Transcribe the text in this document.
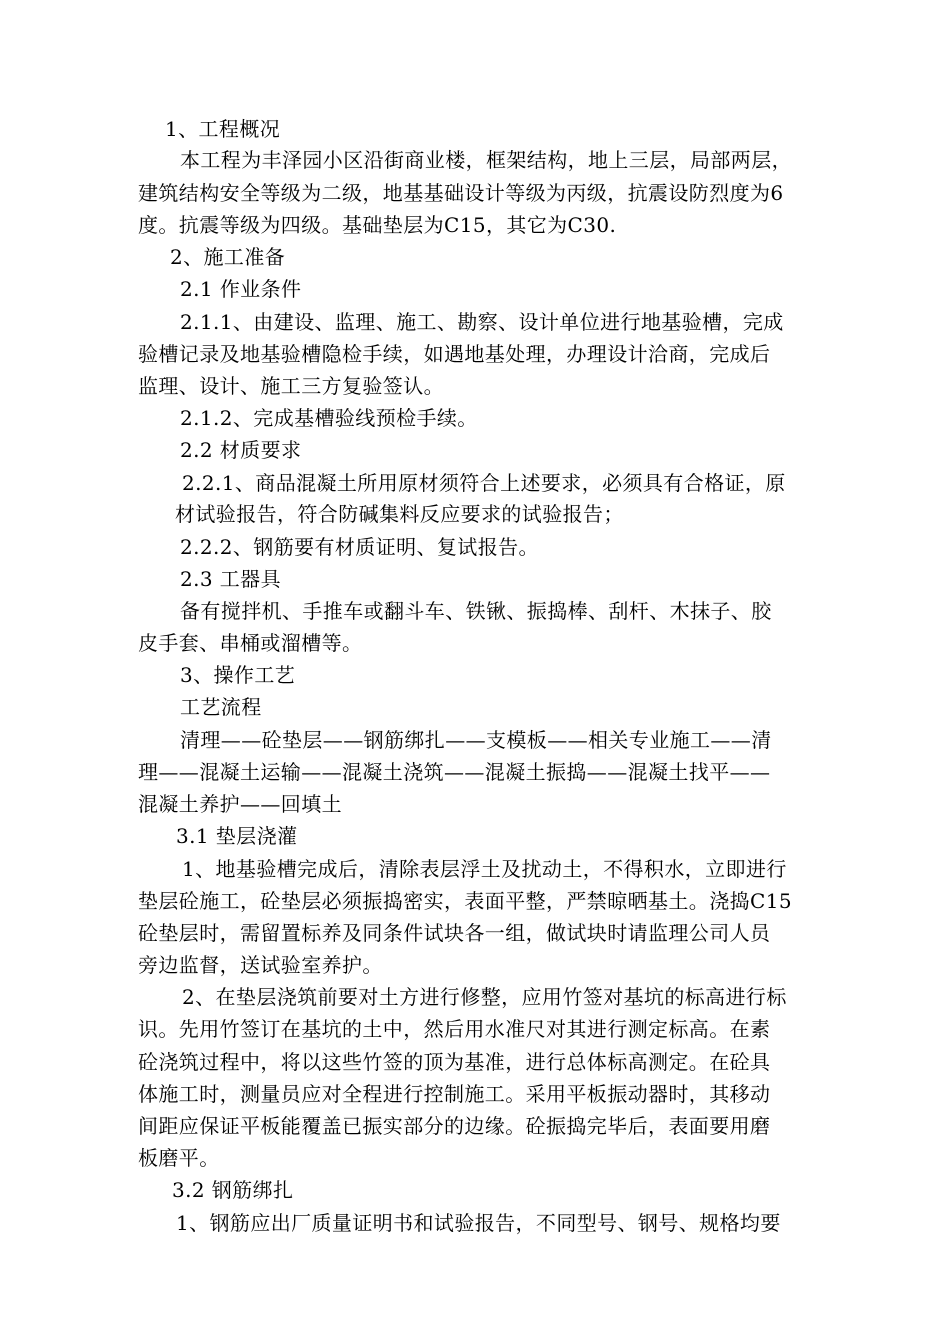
1、工程概况
本工程为丰泽园小区沿街商业楼，框架结构，地上三层，局部两层，
建筑结构安全等级为二级，地基基础设计等级为丙级，抗震设防烈度为6
度。抗震等级为四级。基础垫层为C15，其它为C30.
2、施工准备
2.1 作业条件
2.1.1、由建设、监理、施工、勘察、设计单位进行地基验槽，完成
验槽记录及地基验槽隐检手续，如遇地基处理，办理设计洽商，完成后
监理、设计、施工三方复验签认。
2.1.2、完成基槽验线预检手续。
2.2 材质要求
2.2.1、商品混凝土所用原材须符合上述要求，必须具有合格证，原
材试验报告，符合防碱集料反应要求的试验报告；
2.2.2、钢筋要有材质证明、复试报告。
2.3 工器具
备有搅拌机、手推车或翻斗车、铁锹、振捣棒、刮杆、木抹子、胶
皮手套、串桶或溜槽等。
3、操作工艺
工艺流程
清理——砼垫层——钢筋绑扎——支模板——相关专业施工——清
理——混凝土运输——混凝土浇筑——混凝土振捣——混凝土找平——
混凝土养护——回填土
3.1 垫层浇灌
1、地基验槽完成后，清除表层浮土及扰动土，不得积水，立即进行
垫层砼施工，砼垫层必须振捣密实，表面平整，严禁晾晒基土。浇捣C15
砼垫层时，需留置标养及同条件试块各一组，做试块时请监理公司人员
旁边监督，送试验室养护。
2、在垫层浇筑前要对土方进行修整，应用竹签对基坑的标高进行标
识。先用竹签订在基坑的土中，然后用水准尺对其进行测定标高。在素
砼浇筑过程中，将以这些竹签的顶为基准，进行总体标高测定。在砼具
体施工时，测量员应对全程进行控制施工。采用平板振动器时，其移动
间距应保证平板能覆盖已振实部分的边缘。砼振捣完毕后，表面要用磨
板磨平。
3.2 钢筋绑扎
1、钢筋应出厂质量证明书和试验报告，不同型号、钢号、规格均要
